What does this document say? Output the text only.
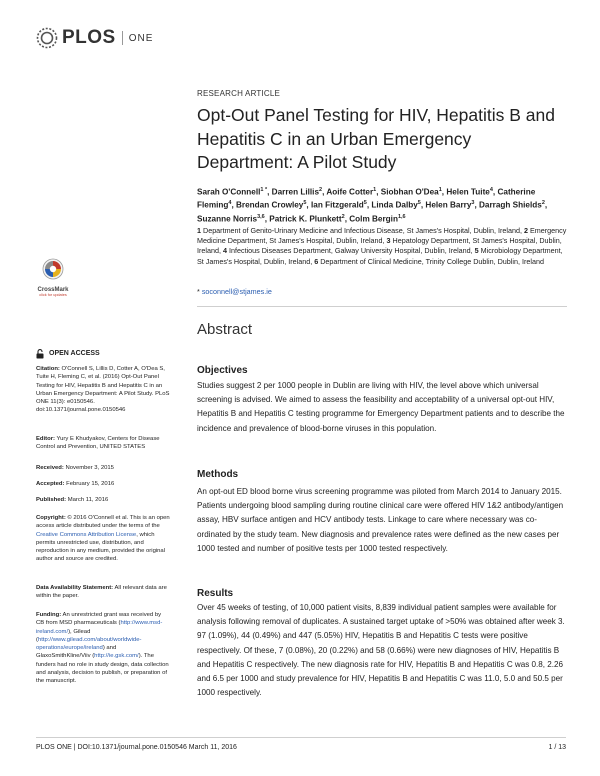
PLOS ONE
RESEARCH ARTICLE
Opt-Out Panel Testing for HIV, Hepatitis B and Hepatitis C in an Urban Emergency Department: A Pilot Study
Sarah O'Connell$^{1 *}$, Darren Lillis$^2$, Aoife Cotter$^1$, Siobhan O'Dea$^1$, Helen Tuite$^4$, Catherine Fleming$^4$, Brendan Crowley$^5$, Ian Fitzgerald$^5$, Linda Dalby$^5$, Helen Barry$^3$, Darragh Shields$^2$, Suzanne Norris$^{3,6}$, Patrick K. Plunkett$^2$, Colm Bergin$^{1,6}$
1 Department of Genito-Urinary Medicine and Infectious Disease, St James's Hospital, Dublin, Ireland, 2 Emergency Medicine Department, St James's Hospital, Dublin, Ireland, 3 Hepatology Department, St James's Hospital, Dublin, Ireland, 4 Infectious Diseases Department, Galway University Hospital, Dublin, Ireland, 5 Microbiology Department, St James's Hospital, Dublin, Ireland, 6 Department of Clinical Medicine, Trinity College Dublin, Dublin, Ireland
* soconnell@stjames.ie
Abstract
Objectives

Studies suggest 2 per 1000 people in Dublin are living with HIV, the level above which universal screening is advised. We aimed to assess the feasibility and acceptability of a universal opt-out HIV, Hepatitis B and Hepatitis C testing programme for Emergency Department patients and to describe the incidence and prevalence of blood-borne viruses in this population.

Methods

An opt-out ED blood borne virus screening programme was piloted from March 2014 to January 2015. Patients undergoing blood sampling during routine clinical care were offered HIV 1&2 antibody/antigen assay, HBV surface antigen and HCV antibody tests. Linkage to care where necessary was co-ordinated by the study team. New diagnosis and prevalence rates were defined as the new cases per 1000 tested and number of positive tests per 1000 tested respectively.

Results

Over 45 weeks of testing, of 10,000 patient visits, 8,839 individual patient samples were available for analysis following removal of duplicates. A sustained target uptake of >50% was obtained after week 3. 97 (1.09%), 44 (0.49%) and 447 (5.05%) HIV, Hepatitis B and Hepatitis C tests were positive respectively. Of these, 7 (0.08%), 20 (0.22%) and 58 (0.66%) were new diagnoses of HIV, Hepatitis B and Hepatitis C respectively. The new diagnosis rate for HIV, Hepatitis B and Hepatitis C was 0.8, 2.26 and 6.5 per 1000 and study prevalence for HIV, Hepatitis B and Hepatitis C was 11.0, 5.0 and 50.5 per 1000 respectively.

CrossMark
click for updates
OPEN ACCESS
Citation: O'Connell S, Lillis D, Cotter A, O'Dea S, Tuite H, Fleming C, et al. (2016) Opt-Out Panel Testing for HIV, Hepatitis B and Hepatitis C in an Urban Emergency Department: A Pilot Study. PLoS ONE 11(3): e0150546. doi:10.1371/journal.pone.0150546
Editor: Yury E Khudyakov, Centers for Disease Control and Prevention, UNITED STATES
Received: November 3, 2015
Accepted: February 15, 2016
Published: March 11, 2016
Copyright: © 2016 O'Connell et al. This is an open access article distributed under the terms of the Creative Commons Attribution License, which permits unrestricted use, distribution, and reproduction in any medium, provided the original author and source are credited.
Data Availability Statement: All relevant data are within the paper.
Funding: An unrestricted grant was received by CB from MSD pharmaceuticals (http://www.msd-ireland.com/), Gilead (http://www.gilead.com/about/worldwide-operations/europe/ireland) and GlaxoSmithKline/Viiv (http://ie.gsk.com/). The funders had no role in study design, data collection and analysis, decision to publish, or preparation of the manuscript.
PLOS ONE | DOI:10.1371/journal.pone.0150546 March 11, 2016	1 / 13
